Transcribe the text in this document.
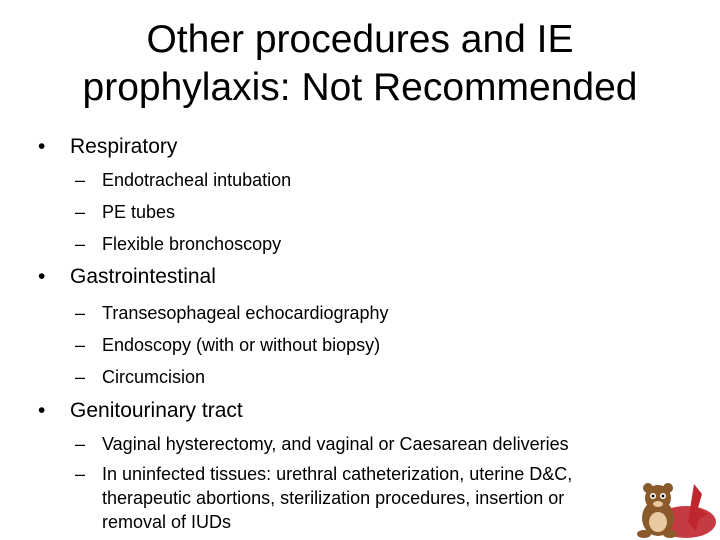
Other procedures and IE
prophylaxis: Not Recommended
• Respiratory
– Endotracheal intubation
– PE tubes
– Flexible bronchoscopy
• Gastrointestinal
– Transesophageal echocardiography
– Endoscopy (with or without biopsy)
– Circumcision
• Genitourinary tract
– Vaginal hysterectomy, and vaginal or Caesarean deliveries
– In uninfected tissues: urethral catheterization, uterine D&C,
therapeutic abortions, sterilization procedures, insertion or
removal of IUDs
